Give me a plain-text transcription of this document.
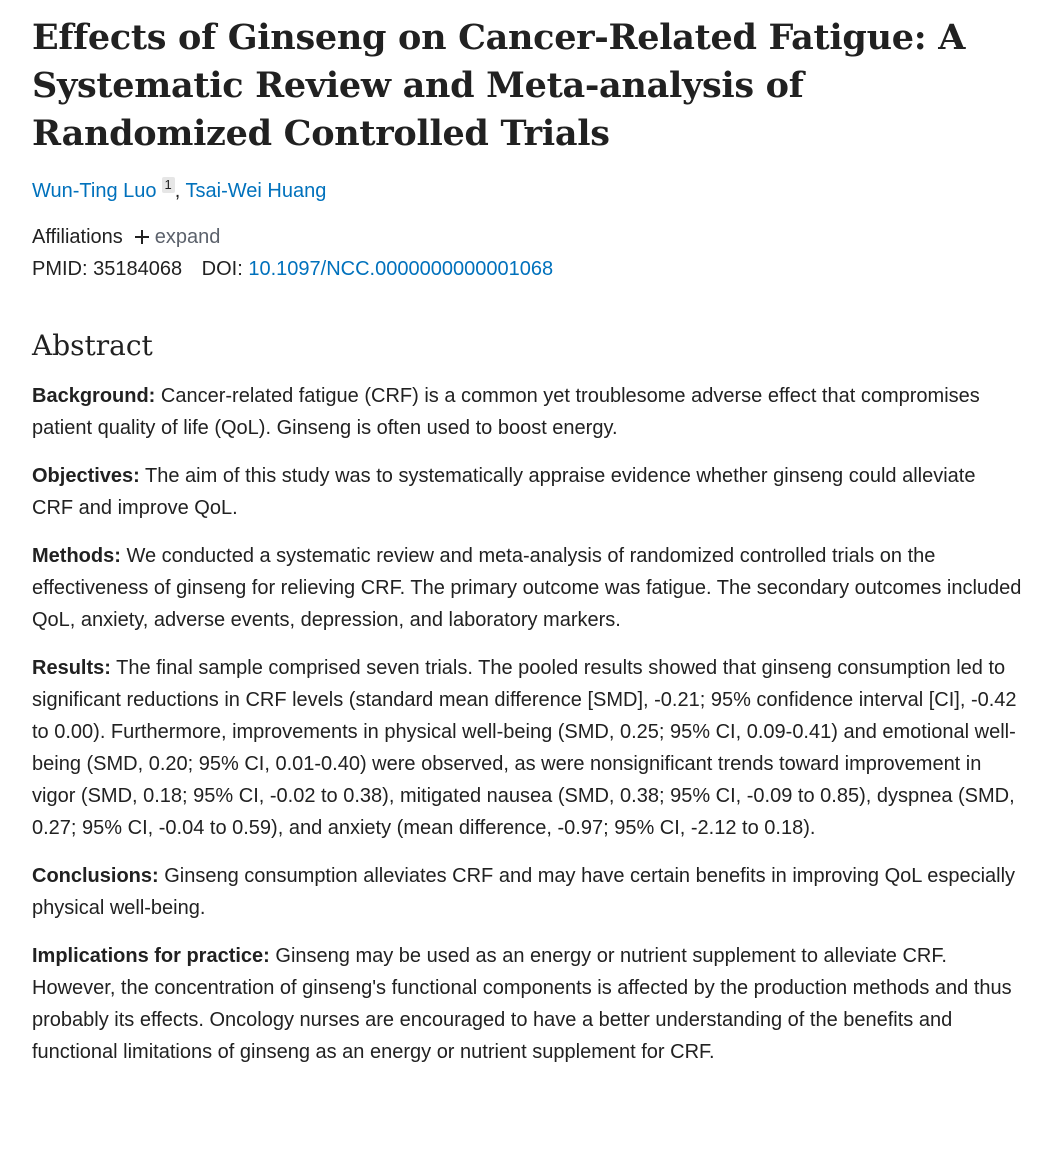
Effects of Ginseng on Cancer-Related Fatigue: A Systematic Review and Meta-analysis of Randomized Controlled Trials
Wun-Ting Luo 1 , Tsai-Wei Huang
Affiliations expand
PMID: 35184068 DOI: 10.1097/NCC.0000000000001068
Abstract

Background: Cancer-related fatigue (CRF) is a common yet troublesome adverse effect that compromises patient quality of life (QoL). Ginseng is often used to boost energy.

Objectives: The aim of this study was to systematically appraise evidence whether ginseng could alleviate CRF and improve QoL.

Methods: We conducted a systematic review and meta-analysis of randomized controlled trials on the effectiveness of ginseng for relieving CRF. The primary outcome was fatigue. The secondary outcomes included QoL, anxiety, adverse events, depression, and laboratory markers.

Results: The final sample comprised seven trials. The pooled results showed that ginseng consumption led to significant reductions in CRF levels (standard mean difference [SMD], -0.21; 95% confidence interval [CI], -0.42 to 0.00). Furthermore, improvements in physical well-being (SMD, 0.25; 95% CI, 0.09-0.41) and emotional well-being (SMD, 0.20; 95% CI, 0.01-0.40) were observed, as were nonsignificant trends toward improvement in vigor (SMD, 0.18; 95% CI, -0.02 to 0.38), mitigated nausea (SMD, 0.38; 95% CI, -0.09 to 0.85), dyspnea (SMD, 0.27; 95% CI, -0.04 to 0.59), and anxiety (mean difference, -0.97; 95% CI, -2.12 to 0.18).

Conclusions: Ginseng consumption alleviates CRF and may have certain benefits in improving QoL especially physical well-being.

Implications for practice: Ginseng may be used as an energy or nutrient supplement to alleviate CRF. However, the concentration of ginseng's functional components is affected by the production methods and thus probably its effects. Oncology nurses are encouraged to have a better understanding of the benefits and functional limitations of ginseng as an energy or nutrient supplement for CRF.
